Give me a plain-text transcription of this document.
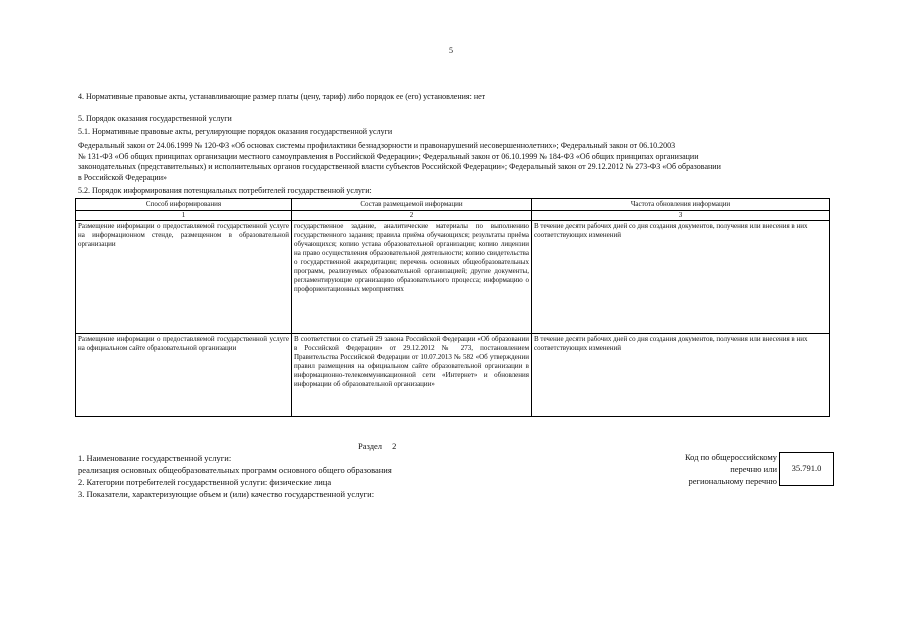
5
4. Нормативные правовые акты, устанавливающие размер платы (цену, тариф) либо порядок ее (его) установления: нет
5. Порядок оказания государственной услуги
5.1. Нормативные правовые акты, регулирующие порядок оказания государственной услуги
Федеральный закон от 24.06.1999 № 120-ФЗ «Об основах системы профилактики безнадзорности и правонарушений несовершеннолетних»; Федеральный закон от 06.10.2003
№ 131-ФЗ «Об общих принципах организации местного самоуправления в Российской Федерации»; Федеральный закон от 06.10.1999 № 184-ФЗ «Об общих принципах организации
законодательных (представительных) и исполнительных органов государственной власти субъектов Российской Федерации»; Федеральный закон от 29.12.2012 № 273-ФЗ «Об образовании
в Российской Федерации»
5.2. Порядок информирования потенциальных потребителей государственной услуги:
Способ информирования	Состав размещаемой информации	Частота обновления информации
1	2	3
Размещение информации о предоставляемой государственной услуге на информационном стенде, размещенном в образовательной организации	государственное задание, аналитические материалы по выполнению государственного задания; правила приёма обучающихся; результаты приёма обучающихся; копию устава образовательной организации; копию лицензии на право осуществления образовательной деятельности; копию свидетельства о государственной аккредитации; перечень основных общеобразовательных программ, реализуемых образовательной организацией; другие документы, регламентирующие организацию образовательного процесса; информацию о профориентационных мероприятиях	В течение десяти рабочих дней со дня создания документов, получения или внесения в них соответствующих изменений
Размещение информации о предоставляемой государственной услуге на официальном сайте образовательной организации	В соответствии со статьей 29 закона Российской Федерации «Об образовании в Российской Федерации» от 29.12.2012 № 273, постановлением Правительства Российской Федерации от 10.07.2013 № 582 «Об утверждении правил размещения на официальном сайте образовательной организации в информационно-телекоммуникационной сети «Интернет» и обновления информации об образовательной организации»	В течение десяти рабочих дней со дня создания документов, получения или внесения в них соответствующих изменений
Раздел 2
1. Наименование государственной услуги:
реализация основных общеобразовательных программ основного общего образования
2. Категории потребителей государственной услуги: физические лица
3. Показатели, характеризующие объем и (или) качество государственной услуги:
Код по общероссийскому
перечню или
региональному перечню
35.791.0
